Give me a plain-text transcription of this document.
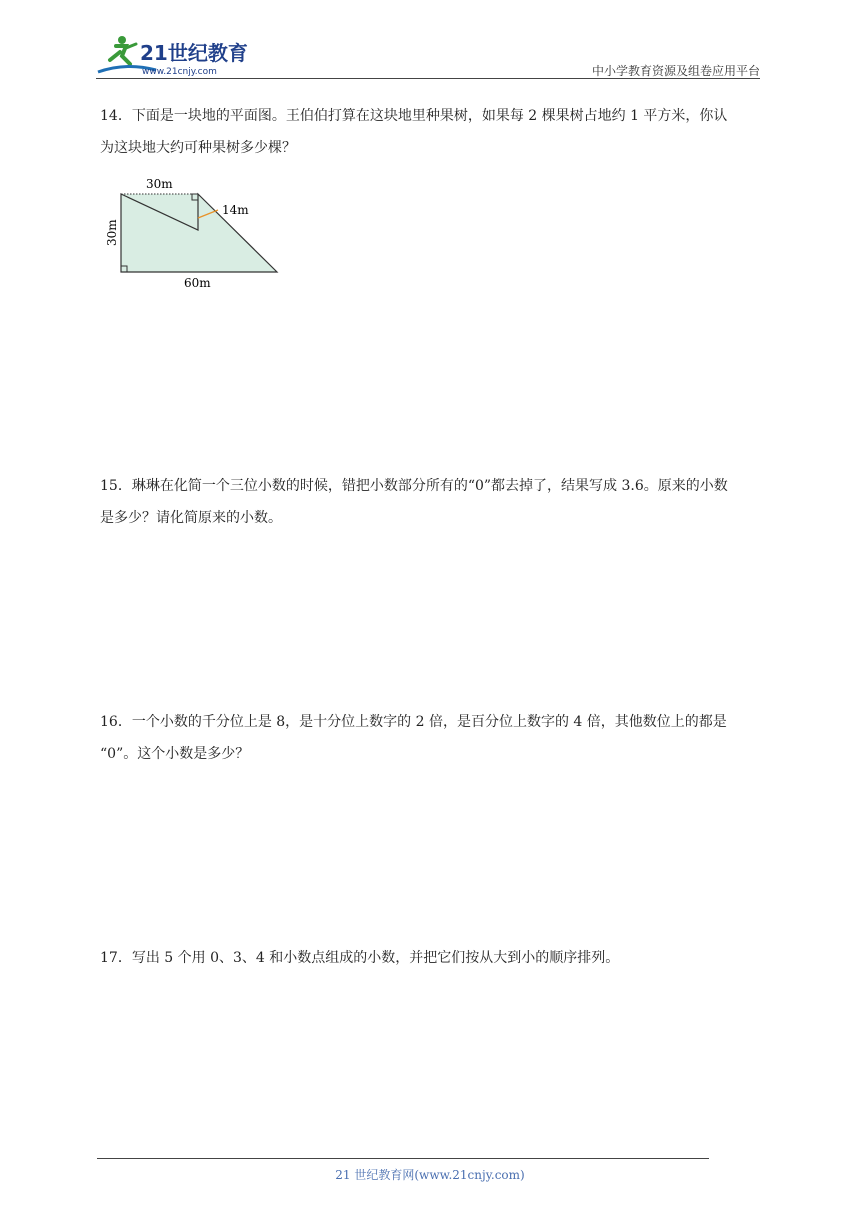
21世纪教育
www.21cnjy.com	中小学教育资源及组卷应用平台

14．下面是一块地的平面图。王伯伯打算在这块地里种果树，如果每 2 棵果树占地约 1 平方米，你认

为这块地大约可种果树多少棵？

30m
14m
60m
30m

15．琳琳在化简一个三位小数的时候，错把小数部分所有的“0”都去掉了，结果写成 3.6。原来的小数

是多少？请化简原来的小数。

16．一个小数的千分位上是 8，是十分位上数字的 2 倍，是百分位上数字的 4 倍，其他数位上的都是

“0”。这个小数是多少？

17．写出 5 个用 0、3、4 和小数点组成的小数，并把它们按从大到小的顺序排列。

21 世纪教育网(www.21cnjy.com)
